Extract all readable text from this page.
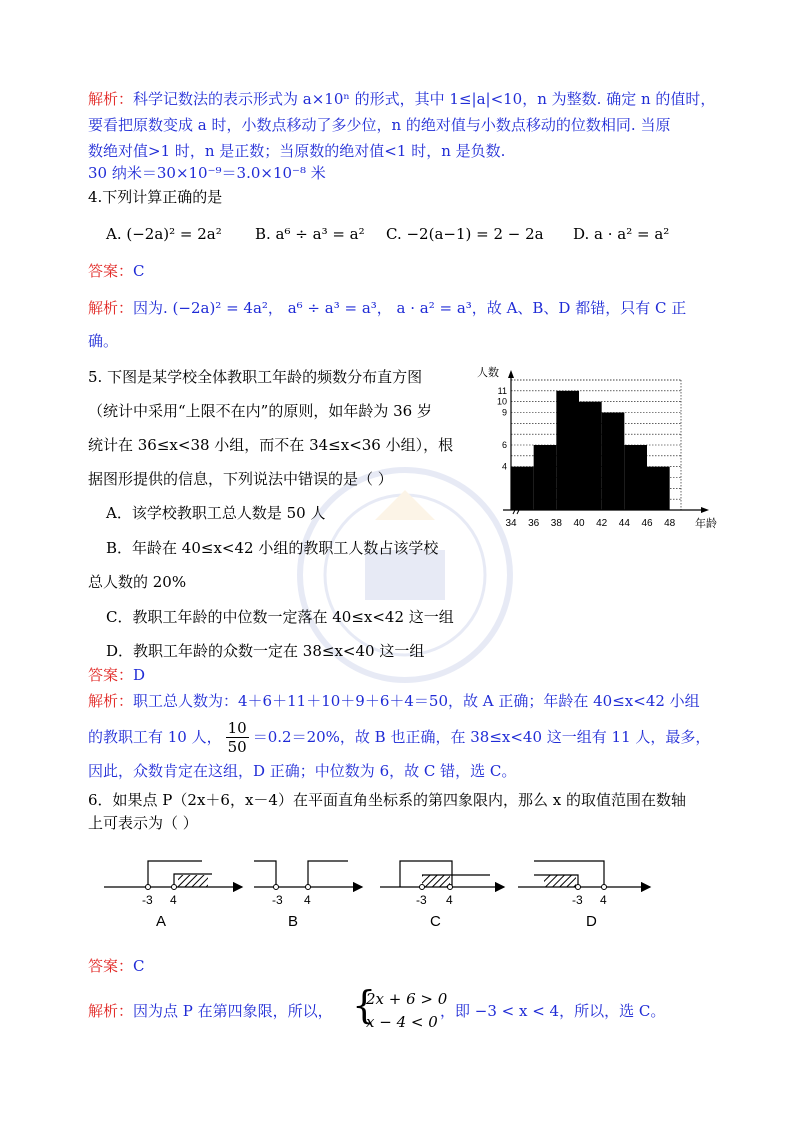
解析：科学记数法的表示形式为 a×10ⁿ 的形式，其中 1≤|a|<10，n 为整数. 确定 n 的值时，
要看把原数变成 a 时，小数点移动了多少位，n 的绝对值与小数点移动的位数相同. 当原
数绝对值>1 时，n 是正数；当原数的绝对值<1 时，n 是负数.
30 纳米＝30×10⁻⁹＝3.0×10⁻⁸ 米
4.下列计算正确的是
A. (−2a)² = 2a² B. a⁶ ÷ a³ = a² C. −2(a−1) = 2 − 2a D. a · a² = a²
答案：C
解析：因为. (−2a)² = 4a²， a⁶ ÷ a³ = a³， a · a² = a³，故 A、B、D 都错，只有 C 正
确。
5. 下图是某学校全体教职工年龄的频数分布直方图
（统计中采用“上限不在内”的原则，如年龄为 36 岁
统计在 36≤x<38 小组，而不在 34≤x<36 小组），根
据图形提供的信息，下列说法中错误的是（ ）
A．该学校教职工总人数是 50 人
B．年龄在 40≤x<42 小组的教职工人数占该学校
总人数的 20%
C．教职工年龄的中位数一定落在 40≤x<42 这一组
D．教职工年龄的众数一定在 38≤x<40 这一组
4
6
9
10
11
34 36 38 40 42 44 46 48
人数
年龄
答案：D
解析：职工总人数为：4＋6＋11＋10＋9＋6＋4＝50，故 A 正确；年龄在 40≤x<42 小组
的教职工有 10 人， $\frac{10}{50} =0.2=20\%$，故 B 也正确，在 38≤x<40 这一组有 11 人，最多，
因此，众数肯定在这组，D 正确；中位数为 6，故 C 错，选 C。
6．如果点 P（2x＋6，x－4）在平面直角坐标系的第四象限内，那么 x 的取值范围在数轴
上可表示为（ ）
-3 4
A
-3 4
B
-3 4
C
-3 4
D
答案：C
解析：因为点 P 在第四象限，所以， {
2x + 6 > 0
x − 4 < 0
，即 −3 < x < 4，所以，选 C。
